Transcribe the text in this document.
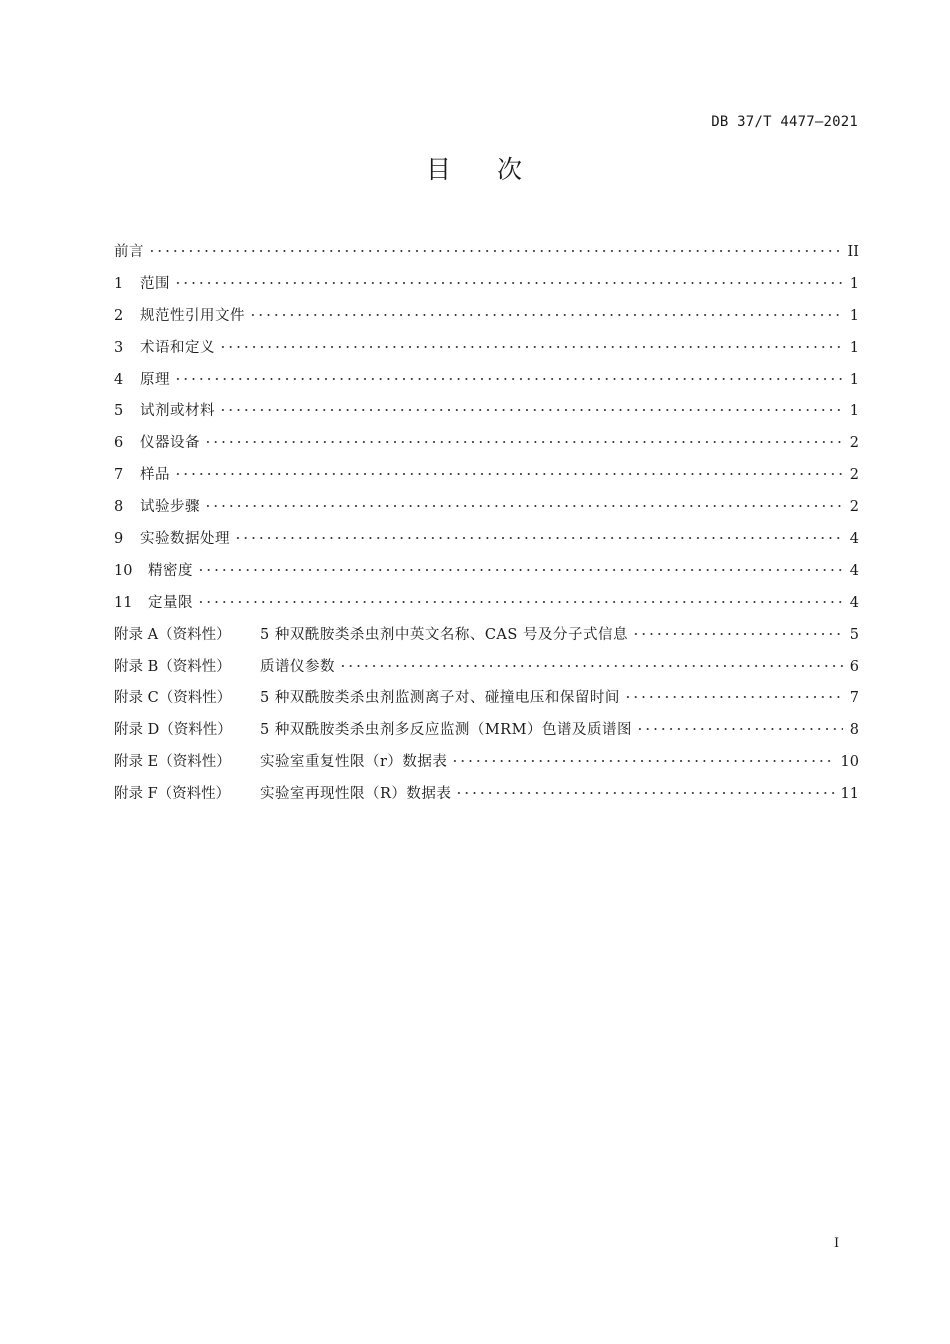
DB 37/T 4477—2021
目 次
前言	II
1	范围	1
2	规范性引用文件	1
3	术语和定义	1
4	原理	1
5	试剂或材料	1
6	仪器设备	2
7	样品	2
8	试验步骤	2
9	实验数据处理	4
10	精密度	4
11	定量限	4
附录 A（资料性）	5 种双酰胺类杀虫剂中英文名称、CAS 号及分子式信息	5
附录 B（资料性）	质谱仪参数	6
附录 C（资料性）	5 种双酰胺类杀虫剂监测离子对、碰撞电压和保留时间	7
附录 D（资料性）	5 种双酰胺类杀虫剂多反应监测（MRM）色谱及质谱图	8
附录 E（资料性）	实验室重复性限（r）数据表	10
附录 F（资料性）	实验室再现性限（R）数据表	11
I
